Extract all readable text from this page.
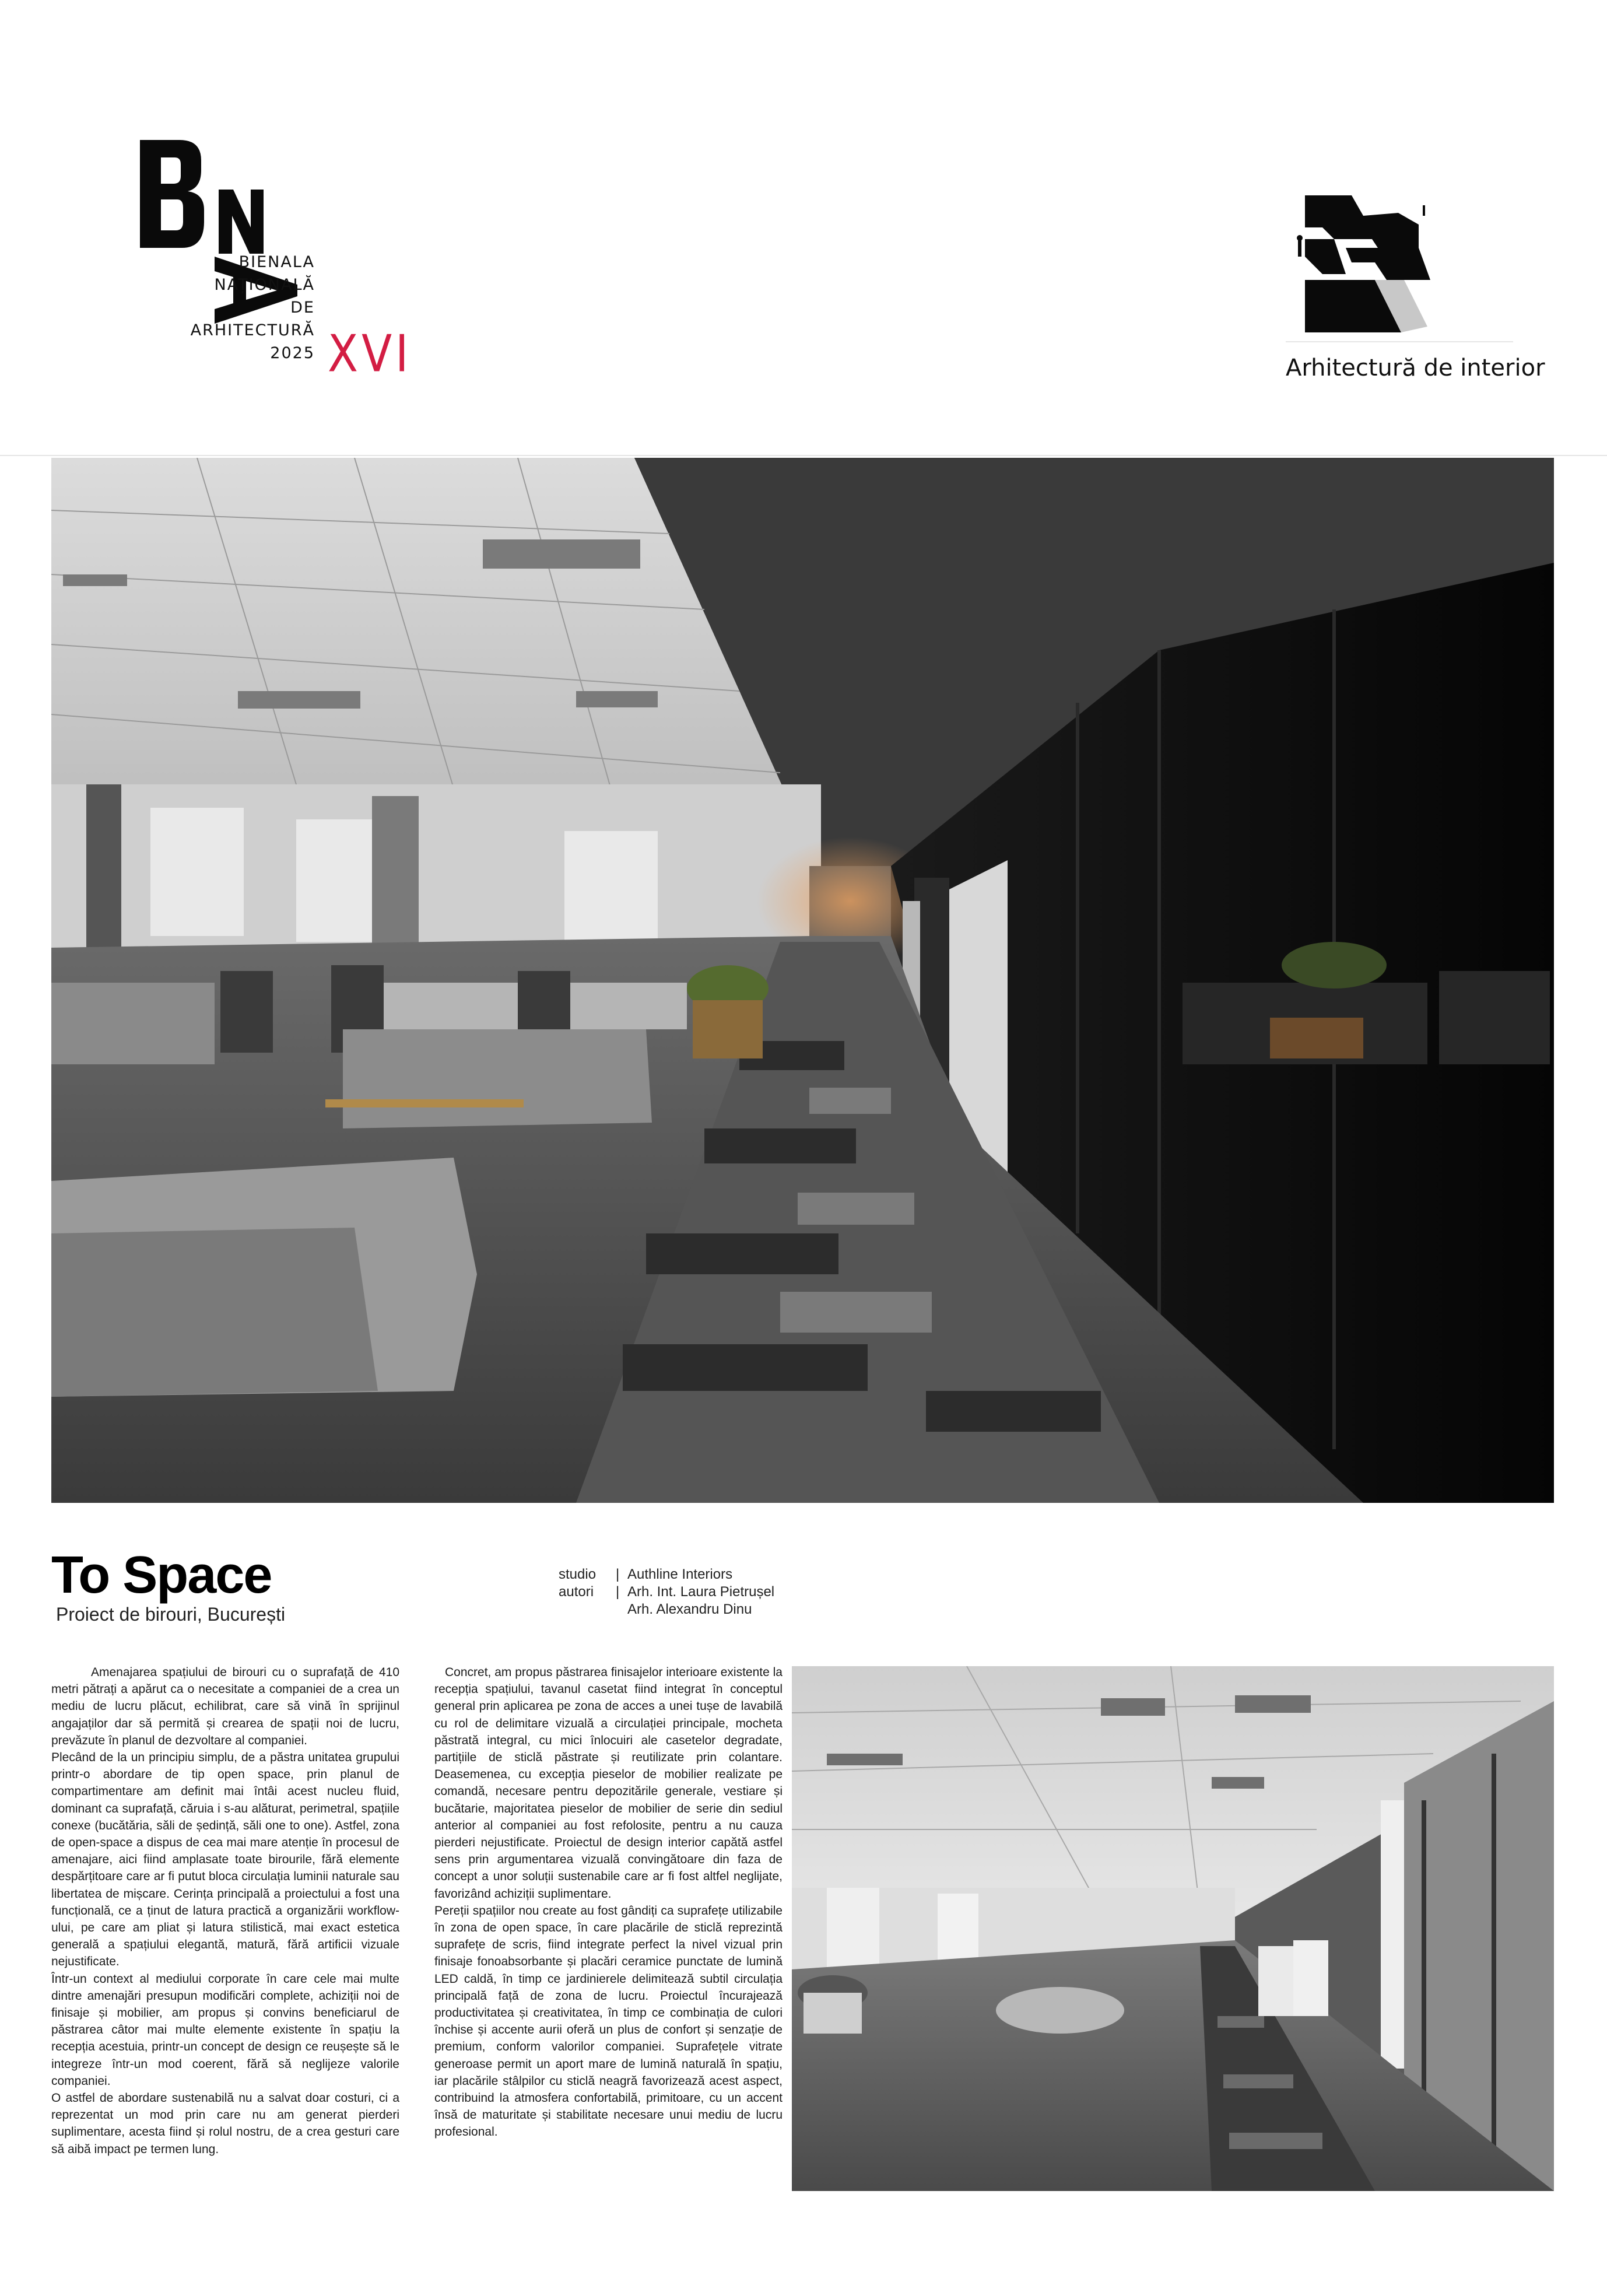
BIENALA
NAȚIONALĂ
DE
ARHITECTURĂ
2025 XVI	Arhitectură de interior
To Space
Proiect de birouri, București
studio	| Authline Interiors
autori	| Arh. Int. Laura Pietrușel
Arh. Alexandru Dinu

Amenajarea spațiului de birouri cu o suprafață de 410 metri pătrați a apărut ca o necesitate a companiei de a crea un mediu de lucru plăcut, echilibrat, care să vină în sprijinul angajaților dar să permită și crearea de spații noi de lucru, prevăzute în planul de dezvoltare al companiei.

Plecând de la un principiu simplu, de a păstra unitatea grupului printr-o abordare de tip open space, prin planul de compartimentare am definit mai întâi acest nucleu fluid, dominant ca suprafață, căruia i s-au alăturat, perimetral, spațiile conexe (bucătăria, săli de ședință, săli one to one). Astfel, zona de open-space a dispus de cea mai mare atenție în procesul de amenajare, aici fiind amplasate toate birourile, fără elemente despărțitoare care ar fi putut bloca circulația luminii naturale sau libertatea de mișcare. Cerința principală a proiectului a fost una funcțională, ce a ținut de latura practică a organizării workflow-ului, pe care am pliat și latura stilistică, mai exact estetica generală a spațiului elegantă, matură, fără artificii vizuale nejustificate.

Într-un context al mediului corporate în care cele mai multe dintre amenajări presupun modificări complete, achiziții noi de finisaje și mobilier, am propus și convins beneficiarul de păstrarea câtor mai multe elemente existente în spațiu la recepția acestuia, printr-un concept de design ce reușește să le integreze într-un mod coerent, fără să neglijeze valorile companiei.

O astfel de abordare sustenabilă nu a salvat doar costuri, ci a reprezentat un mod prin care nu am generat pierderi suplimentare, acesta fiind și rolul nostru, de a crea gesturi care să aibă impact pe termen lung.

Concret, am propus păstrarea finisajelor interioare existente la recepția spațiului, tavanul casetat fiind integrat în conceptul general prin aplicarea pe zona de acces a unei tușe de lavabilă cu rol de delimitare vizuală a circulației principale, mocheta păstrată integral, cu mici înlocuiri ale casetelor degradate, partițiile de sticlă păstrate și reutilizate prin colantare. Deasemenea, cu excepția pieselor de mobilier realizate pe comandă, necesare pentru depozitările generale, vestiare și bucătarie, majoritatea pieselor de mobilier de serie din sediul anterior al companiei au fost refolosite, pentru a nu cauza pierderi nejustificate. Proiectul de design interior capătă astfel sens prin argumentarea vizuală convingătoare din faza de concept a unor soluții sustenabile care ar fi fost altfel neglijate, favorizând achiziții suplimentare.

Pereții spațiilor nou create au fost gândiți ca suprafețe utilizabile în zona de open space, în care placările de sticlă reprezintă suprafețe de scris, fiind integrate perfect la nivel vizual prin finisaje fonoabsorbante și placări ceramice punctate de lumină LED caldă, în timp ce jardinierele delimitează subtil circulația principală față de zona de lucru. Proiectul încurajează productivitatea și creativitatea, în timp ce combinația de culori închise și accente aurii oferă un plus de confort și senzație de premium, conform valorilor companiei. Suprafețele vitrate generoase permit un aport mare de lumină naturală în spațiu, iar placările stâlpilor cu sticlă neagră favorizează acest aspect, contribuind la atmosfera confortabilă, primitoare, cu un accent însă de maturitate și stabilitate necesare unui mediu de lucru profesional.
